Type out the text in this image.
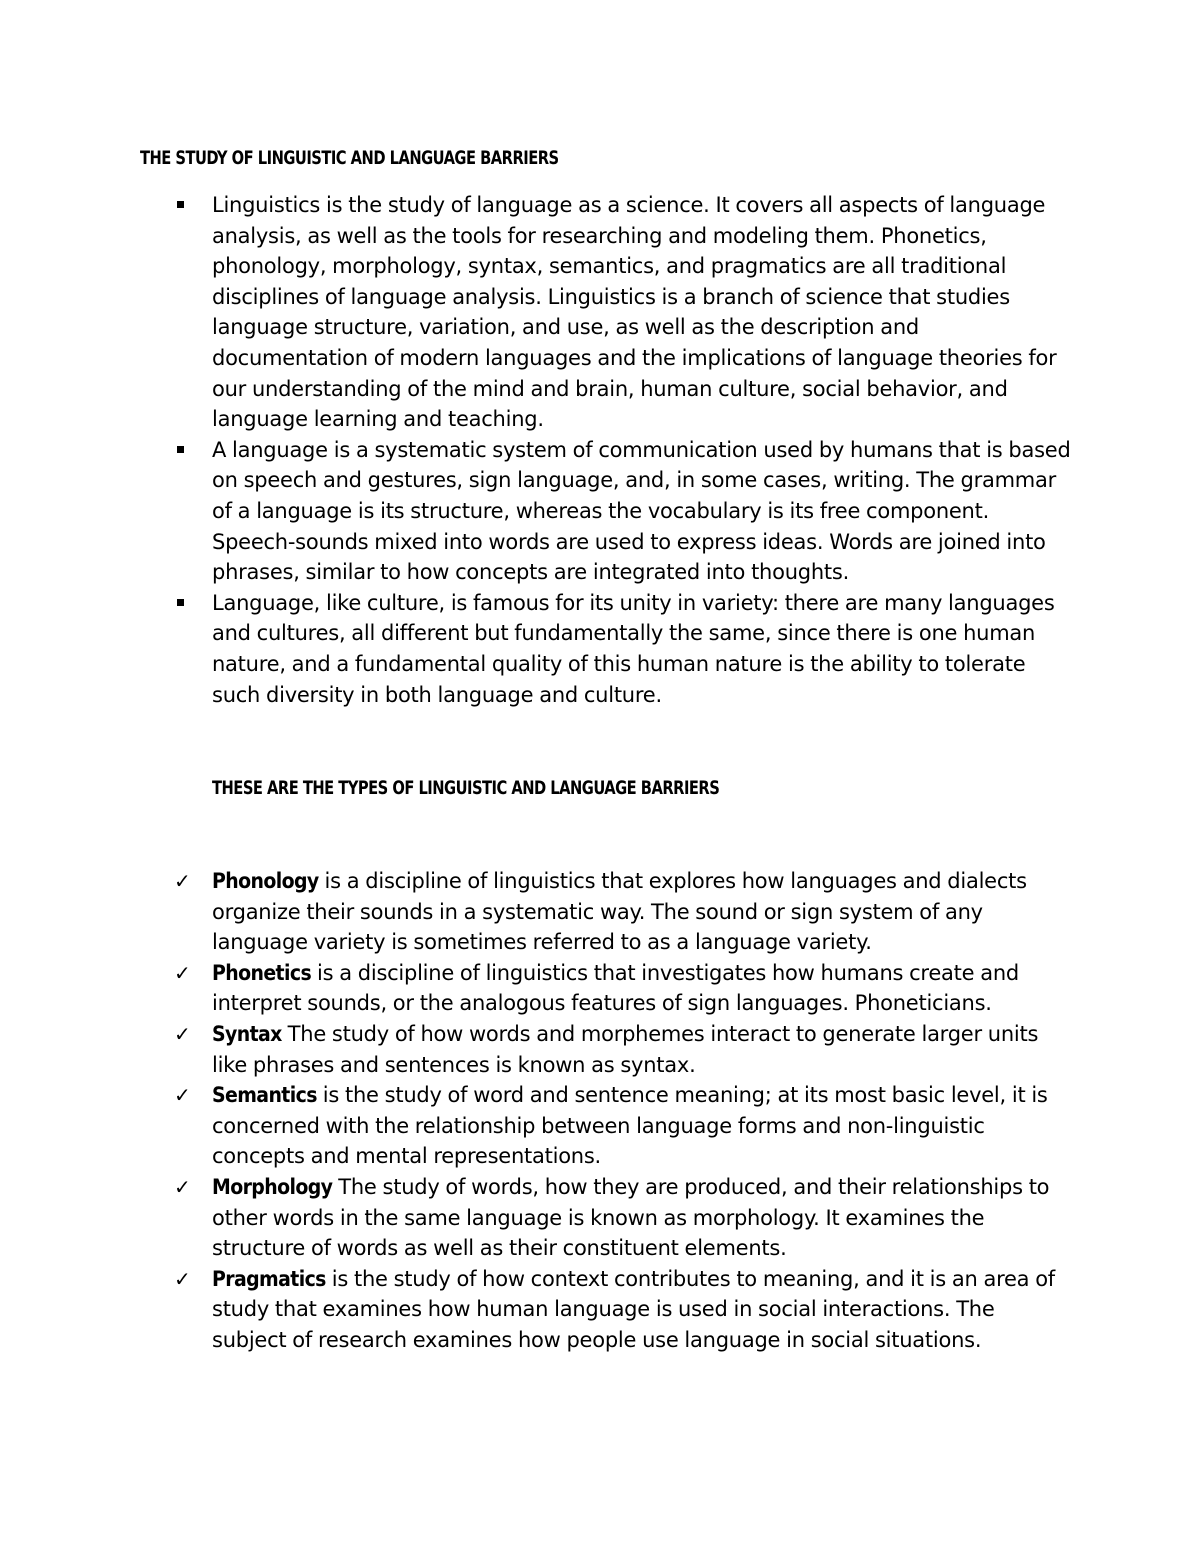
THE STUDY OF LINGUISTIC AND LANGUAGE BARRIERS
Linguistics is the study of language as a science. It covers all aspects of language analysis, as well as the tools for researching and modeling them. Phonetics, phonology, morphology, syntax, semantics, and pragmatics are all traditional disciplines of language analysis. Linguistics is a branch of science that studies language structure, variation, and use, as well as the description and documentation of modern languages and the implications of language theories for our understanding of the mind and brain, human culture, social behavior, and language learning and teaching.
A language is a systematic system of communication used by humans that is based on speech and gestures, sign language, and, in some cases, writing. The grammar of a language is its structure, whereas the vocabulary is its free component. Speech-sounds mixed into words are used to express ideas. Words are joined into phrases, similar to how concepts are integrated into thoughts.
Language, like culture, is famous for its unity in variety: there are many languages and cultures, all different but fundamentally the same, since there is one human nature, and a fundamental quality of this human nature is the ability to tolerate such diversity in both language and culture.
THESE ARE THE TYPES OF LINGUISTIC AND LANGUAGE BARRIERS
✓ Phonology is a discipline of linguistics that explores how languages and dialects organize their sounds in a systematic way. The sound or sign system of any language variety is sometimes referred to as a language variety.
✓ Phonetics is a discipline of linguistics that investigates how humans create and interpret sounds, or the analogous features of sign languages. Phoneticians.
✓ Syntax The study of how words and morphemes interact to generate larger units like phrases and sentences is known as syntax.
✓ Semantics is the study of word and sentence meaning; at its most basic level, it is concerned with the relationship between language forms and non-linguistic concepts and mental representations.
✓ Morphology The study of words, how they are produced, and their relationships to other words in the same language is known as morphology. It examines the structure of words as well as their constituent elements.
✓ Pragmatics is the study of how context contributes to meaning, and it is an area of study that examines how human language is used in social interactions. The subject of research examines how people use language in social situations.
